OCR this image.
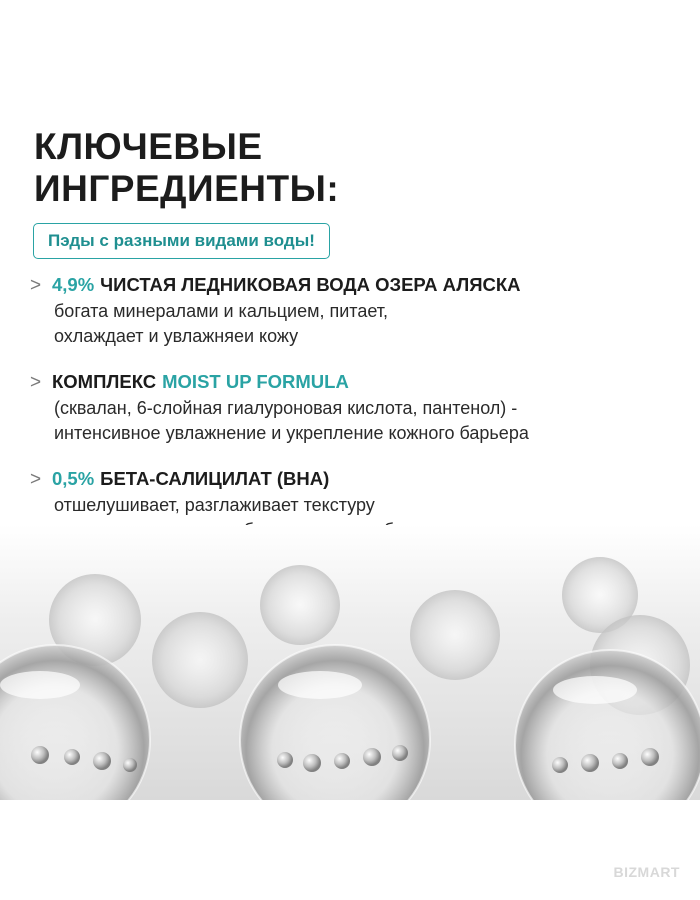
КЛЮЧЕВЫЕ
ИНГРЕДИЕНТЫ:
Пэды с разными видами воды!
> 4,9% ЧИСТАЯ ЛЕДНИКОВАЯ ВОДА ОЗЕРА АЛЯСКА
богата минералами и кальцием, питает,
охлаждает и увлажняеи кожу
> КОМПЛЕКС MOIST UP FORMULA
(сквалан, 6-слойная гиалуроновая кислота, пантенол) -
интенсивное увлажнение и укрепление кожного барьера
> 0,5% БЕТА-САЛИЦИЛАТ (BHA)
отшелушивает, разглаживает текстуру
BIZMART
